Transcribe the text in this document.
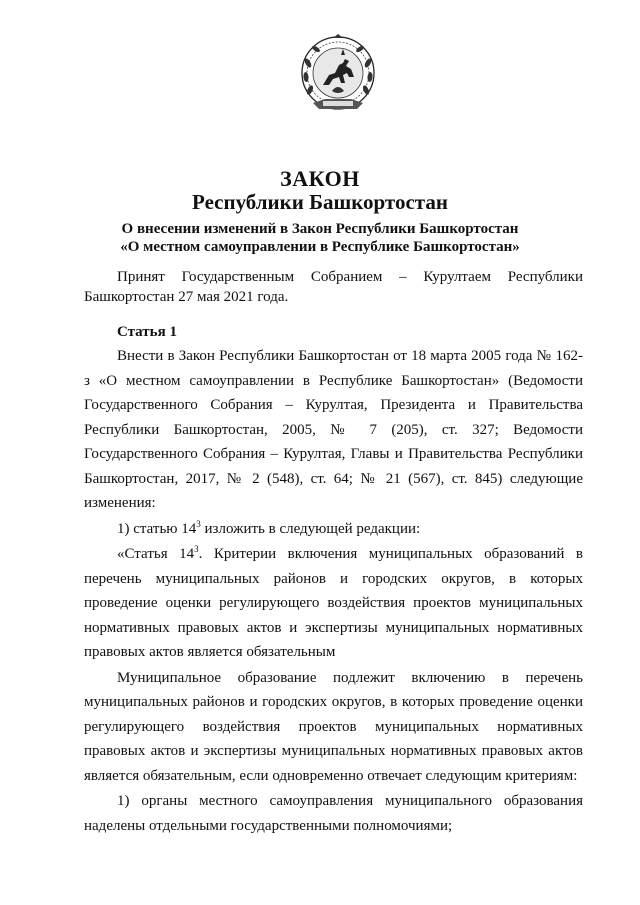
ЗАКОН
Республики Башкортостан
О внесении изменений в Закон Республики Башкортостан
«О местном самоуправлении в Республике Башкортостан»

Принят Государственным Собранием – Курултаем Республики Башкортостан 27 мая 2021 года.

Статья 1

Внести в Закон Республики Башкортостан от 18 марта 2005 года № 162-з «О местном самоуправлении в Республике Башкортостан» (Ведомости Государственного Собрания – Курултая, Президента и Правительства Республики Башкортостан, 2005, № 7 (205), ст. 327; Ведомости Государственного Собрания – Курултая, Главы и Правительства Республики Башкортостан, 2017, № 2 (548), ст. 64; № 21 (567), ст. 845) следующие изменения:

1) статью $14^3$ изложить в следующей редакции:

«Статья $14^3$. Критерии включения муниципальных образований в перечень муниципальных районов и городских округов, в которых проведение оценки регулирующего воздействия проектов муниципальных нормативных правовых актов и экспертизы муниципальных нормативных правовых актов является обязательным

Муниципальное образование подлежит включению в перечень муниципальных районов и городских округов, в которых проведение оценки регулирующего воздействия проектов муниципальных нормативных правовых актов и экспертизы муниципальных нормативных правовых актов является обязательным, если одновременно отвечает следующим критериям:

1) органы местного самоуправления муниципального образования наделены отдельными государственными полномочиями;
